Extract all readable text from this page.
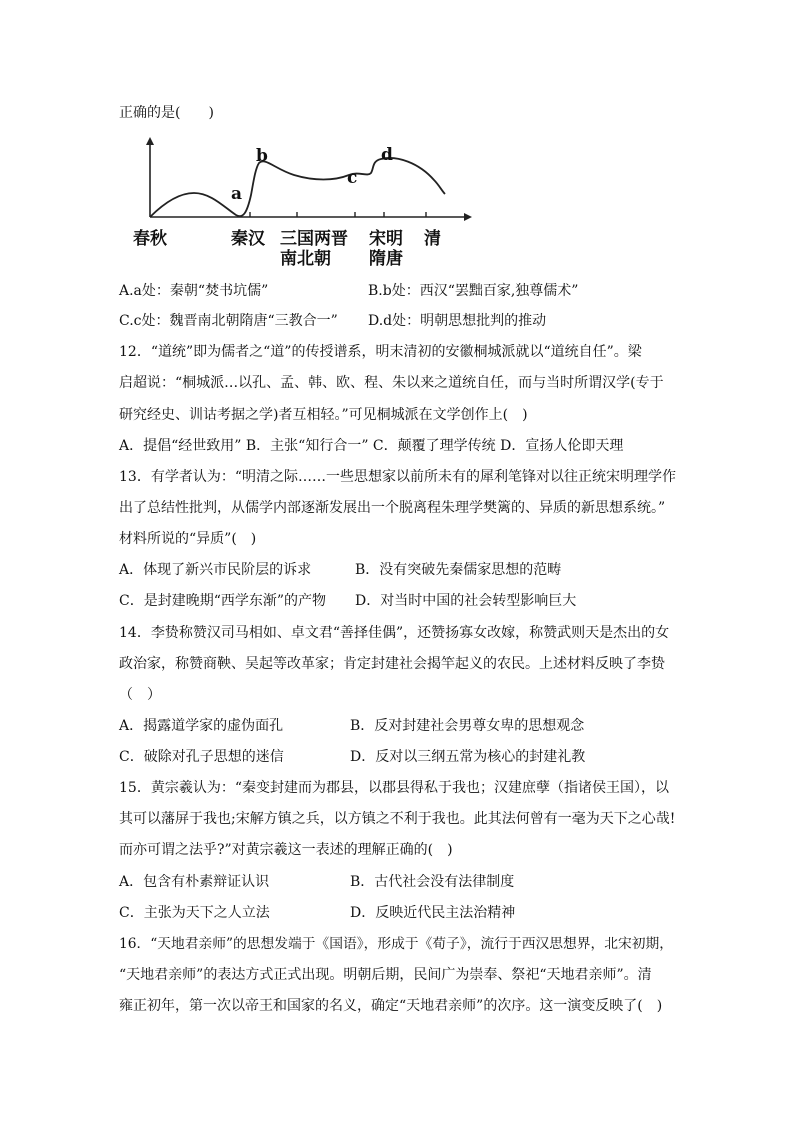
正确的是(　　)
a
b
c
d
春秋	秦汉 三国两晋
南北朝
宋明
隋唐
清
A.a处：秦朝“焚书坑儒”	B.b处：西汉“罢黜百家,独尊儒术”
C.c处：魏晋南北朝隋唐“三教合一” D.d处：明朝思想批判的推动
12．“道统”即为儒者之“道”的传授谱系，明末清初的安徽桐城派就以“道统自任”。梁
启超说：“桐城派…以孔、孟、韩、欧、程、朱以来之道统自任，而与当时所谓汉学(专于
研究经史、训诂考据之学)者互相轻。”可见桐城派在文学创作上(　)
A．提倡“经世致用” B．主张“知行合一” C．颠覆了理学传统 D．宣扬人伦即天理
13．有学者认为：“明清之际……一些思想家以前所未有的犀利笔锋对以往正统宋明理学作
出了总结性批判，从儒学内部逐渐发展出一个脱离程朱理学樊篱的、异质的新思想系统。”
材料所说的“异质”(　)
A．体现了新兴市民阶层的诉求	B．没有突破先秦儒家思想的范畴
C．是封建晚期“西学东渐”的产物 D．对当时中国的社会转型影响巨大
14．李贽称赞汉司马相如、卓文君“善择佳偶”，还赞扬寡女改嫁，称赞武则天是杰出的女
政治家，称赞商鞅、吴起等改革家；肯定封建社会揭竿起义的农民。上述材料反映了李贽
（　）
A．揭露道学家的虚伪面孔	B．反对封建社会男尊女卑的思想观念
C．破除对孔子思想的迷信	D．反对以三纲五常为核心的封建礼教
15．黄宗羲认为：“秦变封建而为郡县，以郡县得私于我也；汉建庶孽（指诸侯王国），以
其可以藩屏于我也;宋解方镇之兵，以方镇之不利于我也。此其法何曾有一毫为天下之心哉!
而亦可谓之法乎?”对黄宗羲这一表述的理解正确的(　)
A．包含有朴素辩证认识	B．古代社会没有法律制度
C．主张为天下之人立法	D．反映近代民主法治精神
16．“天地君亲师”的思想发端于《国语》，形成于《荀子》，流行于西汉思想界，北宋初期，
“天地君亲师”的表达方式正式出现。明朝后期，民间广为崇奉、祭祀“天地君亲师”。清
雍正初年，第一次以帝王和国家的名义，确定“天地君亲师”的次序。这一演变反映了(　)
